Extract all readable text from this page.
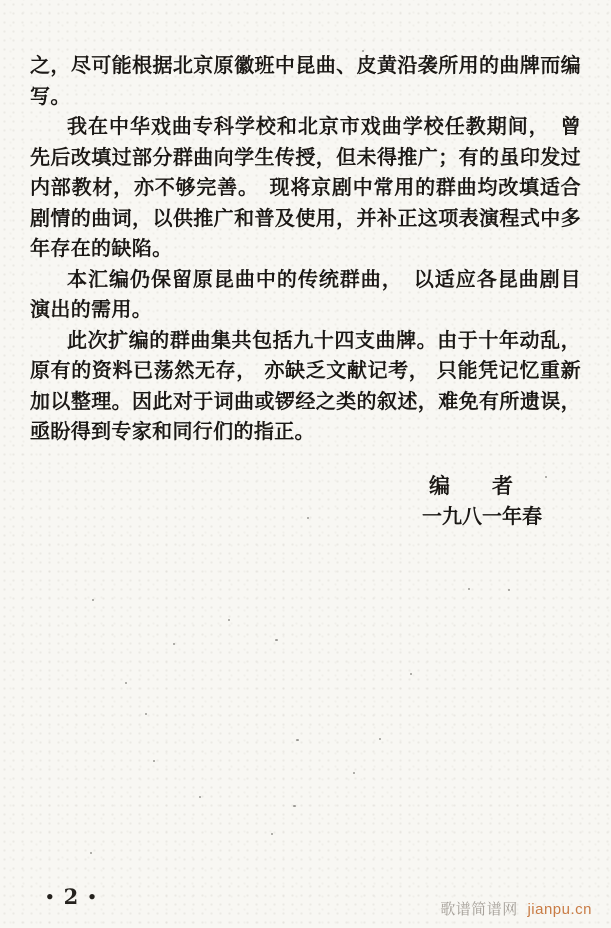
之，尽可能根据北京原徽班中昆曲、皮黄沿袭所用的曲牌而编
写。
我在中华戏曲专科学校和北京市戏曲学校任教期间，　曾
先后改填过部分群曲向学生传授，但未得推广；有的虽印发过
内部教材，亦不够完善。　现将京剧中常用的群曲均改填适合
剧情的曲词，以供推广和普及使用，并补正这项表演程式中多
年存在的缺陷。
本汇编仍保留原昆曲中的传统群曲，　以适应各昆曲剧目
演出的需用。
此次扩编的群曲集共包括九十四支曲牌。由于十年动乱，
原有的资料已荡然无存， 亦缺乏文献记考， 只能凭记忆重新
加以整理。因此对于词曲或锣经之类的叙述，难免有所遗误，
亟盼得到专家和同行们的指正。
编　　者
一九八一年春
• 2 •
歌谱简谱网 jianpu.cn
